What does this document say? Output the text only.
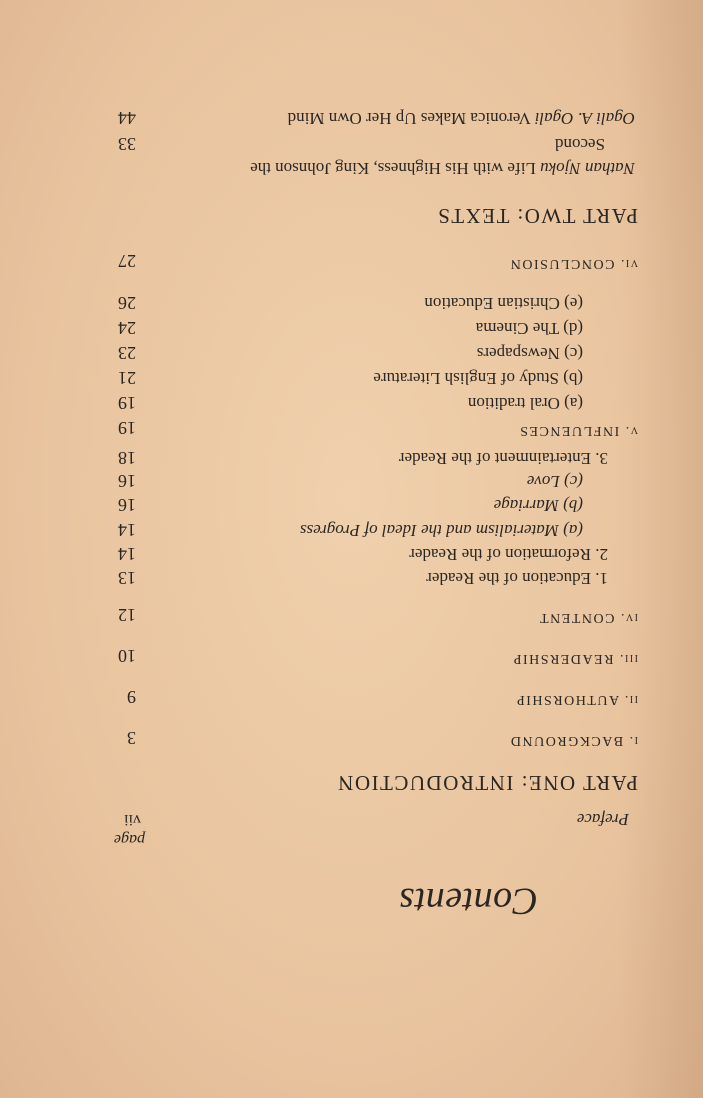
Contents
page
Preface
vii
PART ONE: INTRODUCTION
i. BACKGROUND
3
ii. AUTHORSHIP
9
iii. READERSHIP
10
iv. CONTENT
12
1. Education of the Reader
13
2. Reformation of the Reader
14
(a) Materialism and the Ideal of Progress
14
(b) Marriage
16
(c) Love
16
3. Entertainment of the Reader
18
v. INFLUENCES
19
(a) Oral tradition
19
(b) Study of English Literature
21
(c) Newspapers
23
(d) The Cinema
24
(e) Christian Education
26
vi. CONCLUSION
27
PART TWO: TEXTS
Nathan Njoku Life with His Highness, King Johnson the
Second
33
Ogali A. Ogali Veronica Makes Up Her Own Mind
44
